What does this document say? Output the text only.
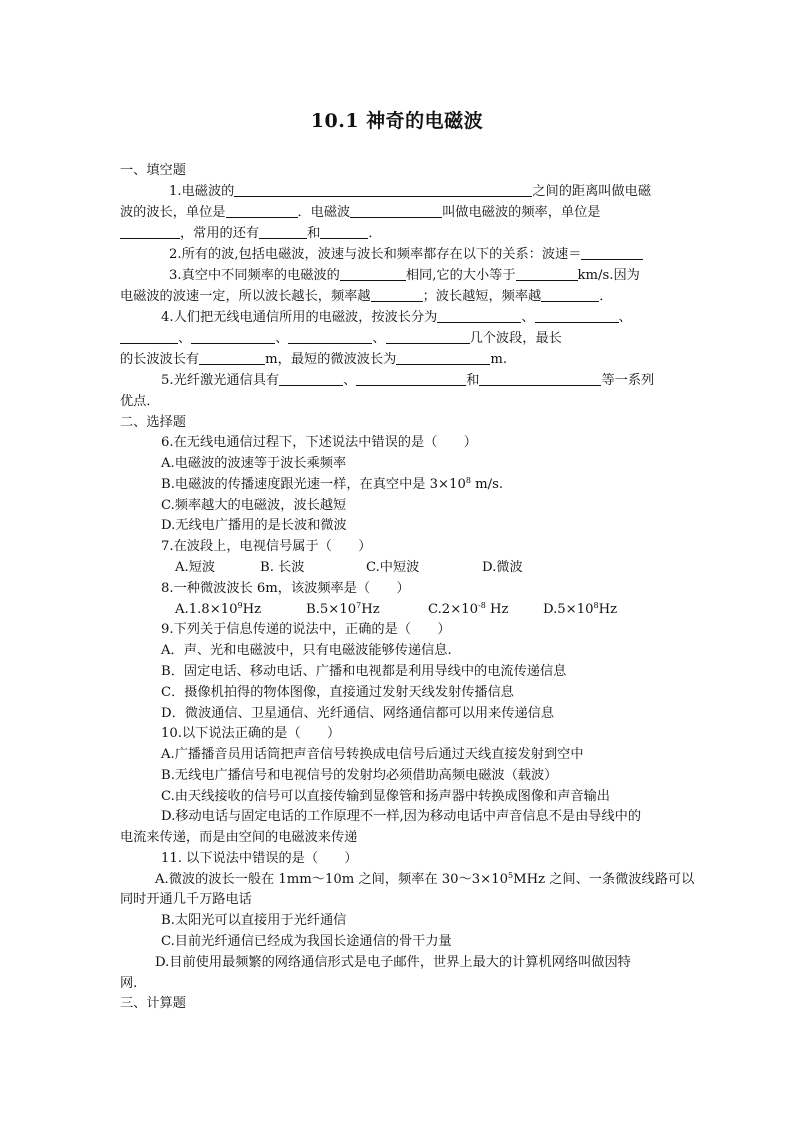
10.1 神奇的电磁波
一、填空题
1.电磁波的	之间的距离叫做电磁
波的波长，单位是	．电磁波	叫做电磁波的频率，单位是
，常用的还有	和	．
2.所有的波,包括电磁波，波速与波长和频率都存在以下的关系：波速＝
3.真空中不同频率的电磁波的	相同,它的大小等于	km/s.因为
电磁波的波速一定，所以波长越长，频率越	；波长越短，频率越	．
4.人们把无线电通信所用的电磁波，按波长分为	、	、
、	、	、	几个波段，最长
的长波波长有	m，最短的微波波长为	m.
5.光纤激光通信具有	、	和	等一系列
优点．
二、选择题
6.在无线电通信过程下，下述说法中错误的是（　　）
A.电磁波的波速等于波长乘频率
B.电磁波的传播速度跟光速一样，在真空中是 $3\times 10^8$ m/s.
C.频率越大的电磁波，波长越短
D.无线电广播用的是长波和微波
7.在波段上，电视信号属于（　　）
A.短波	B. 长波	C.中短波	D.微波
8.一种微波波长 6m，该波频率是（　　）
$A.1.8\times 10^9Hz$	$B.5\times 10^7Hz$	$C.2\times 10^{-8}$ Hz	$D.5\times 10^8Hz$
9.下列关于信息传递的说法中，正确的是（　　）
A．声、光和电磁波中，只有电磁波能够传递信息.
B．固定电话、移动电话、广播和电视都是利用导线中的电流传递信息
C．摄像机拍得的物体图像，直接通过发射天线发射传播信息
D．微波通信、卫星通信、光纤通信、网络通信都可以用来传递信息
10.以下说法正确的是（　　）
A.广播播音员用话筒把声音信号转换成电信号后通过天线直接发射到空中
B.无线电广播信号和电视信号的发射均必须借助高频电磁波（载波）
C.由天线接收的信号可以直接传输到显像管和扬声器中转换成图像和声音输出
D.移动电话与固定电话的工作原理不一样,因为移动电话中声音信息不是由导线中的
电流来传递，而是由空间的电磁波来传递
11. 以下说法中错误的是（　　）
A.微波的波长一般在 1mm～10m 之间，频率在 $30\sim 3\times 10^5MHz$ 之间、一条微波线路可以
同时开通几千万路电话
B.太阳光可以直接用于光纤通信
C.目前光纤通信已经成为我国长途通信的骨干力量
D.目前使用最频繁的网络通信形式是电子邮件，世界上最大的计算机网络叫做因特
网.
三、计算题
